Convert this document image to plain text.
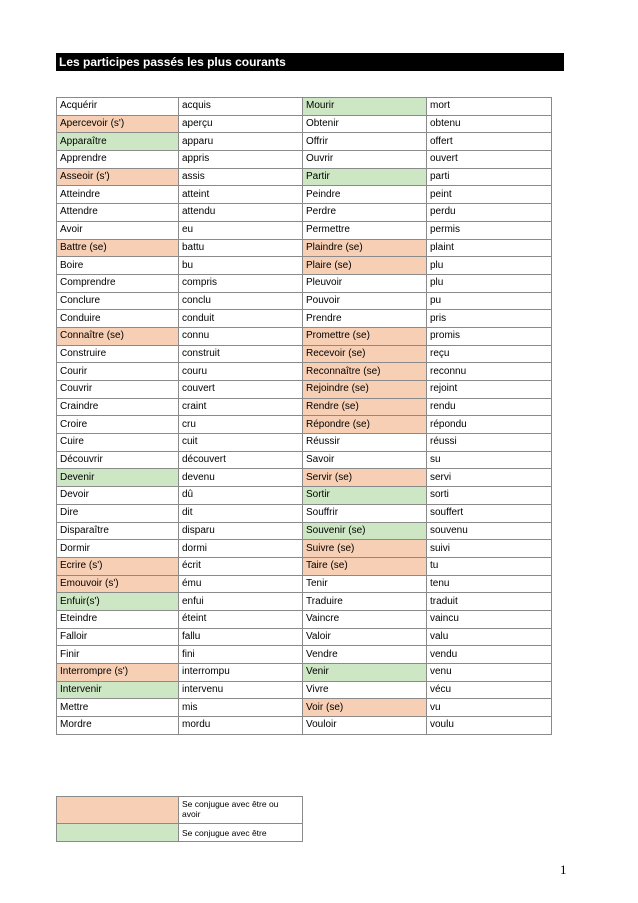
Les participes passés les plus courants
Acquérir	acquis	Mourir	mort
Apercevoir (s')	aperçu	Obtenir	obtenu
Apparaître	apparu	Offrir	offert
Apprendre	appris	Ouvrir	ouvert
Asseoir (s')	assis	Partir	parti
Atteindre	atteint	Peindre	peint
Attendre	attendu	Perdre	perdu
Avoir	eu	Permettre	permis
Battre (se)	battu	Plaindre (se)	plaint
Boire	bu	Plaire (se)	plu
Comprendre	compris	Pleuvoir	plu
Conclure	conclu	Pouvoir	pu
Conduire	conduit	Prendre	pris
Connaître (se)	connu	Promettre (se)	promis
Construire	construit	Recevoir (se)	reçu
Courir	couru	Reconnaître (se)	reconnu
Couvrir	couvert	Rejoindre (se)	rejoint
Craindre	craint	Rendre (se)	rendu
Croire	cru	Répondre (se)	répondu
Cuire	cuit	Réussir	réussi
Découvrir	découvert	Savoir	su
Devenir	devenu	Servir (se)	servi
Devoir	dû	Sortir	sorti
Dire	dit	Souffrir	souffert
Disparaître	disparu	Souvenir (se)	souvenu
Dormir	dormi	Suivre (se)	suivi
Ecrire (s')	écrit	Taire (se)	tu
Emouvoir (s')	ému	Tenir	tenu
Enfuir(s')	enfui	Traduire	traduit
Eteindre	éteint	Vaincre	vaincu
Falloir	fallu	Valoir	valu
Finir	fini	Vendre	vendu
Interrompre (s')	interrompu	Venir	venu
Intervenir	intervenu	Vivre	vécu
Mettre	mis	Voir (se)	vu
Mordre	mordu	Vouloir	voulu
	Se conjugue avec être ou avoir
	Se conjugue avec être
1
